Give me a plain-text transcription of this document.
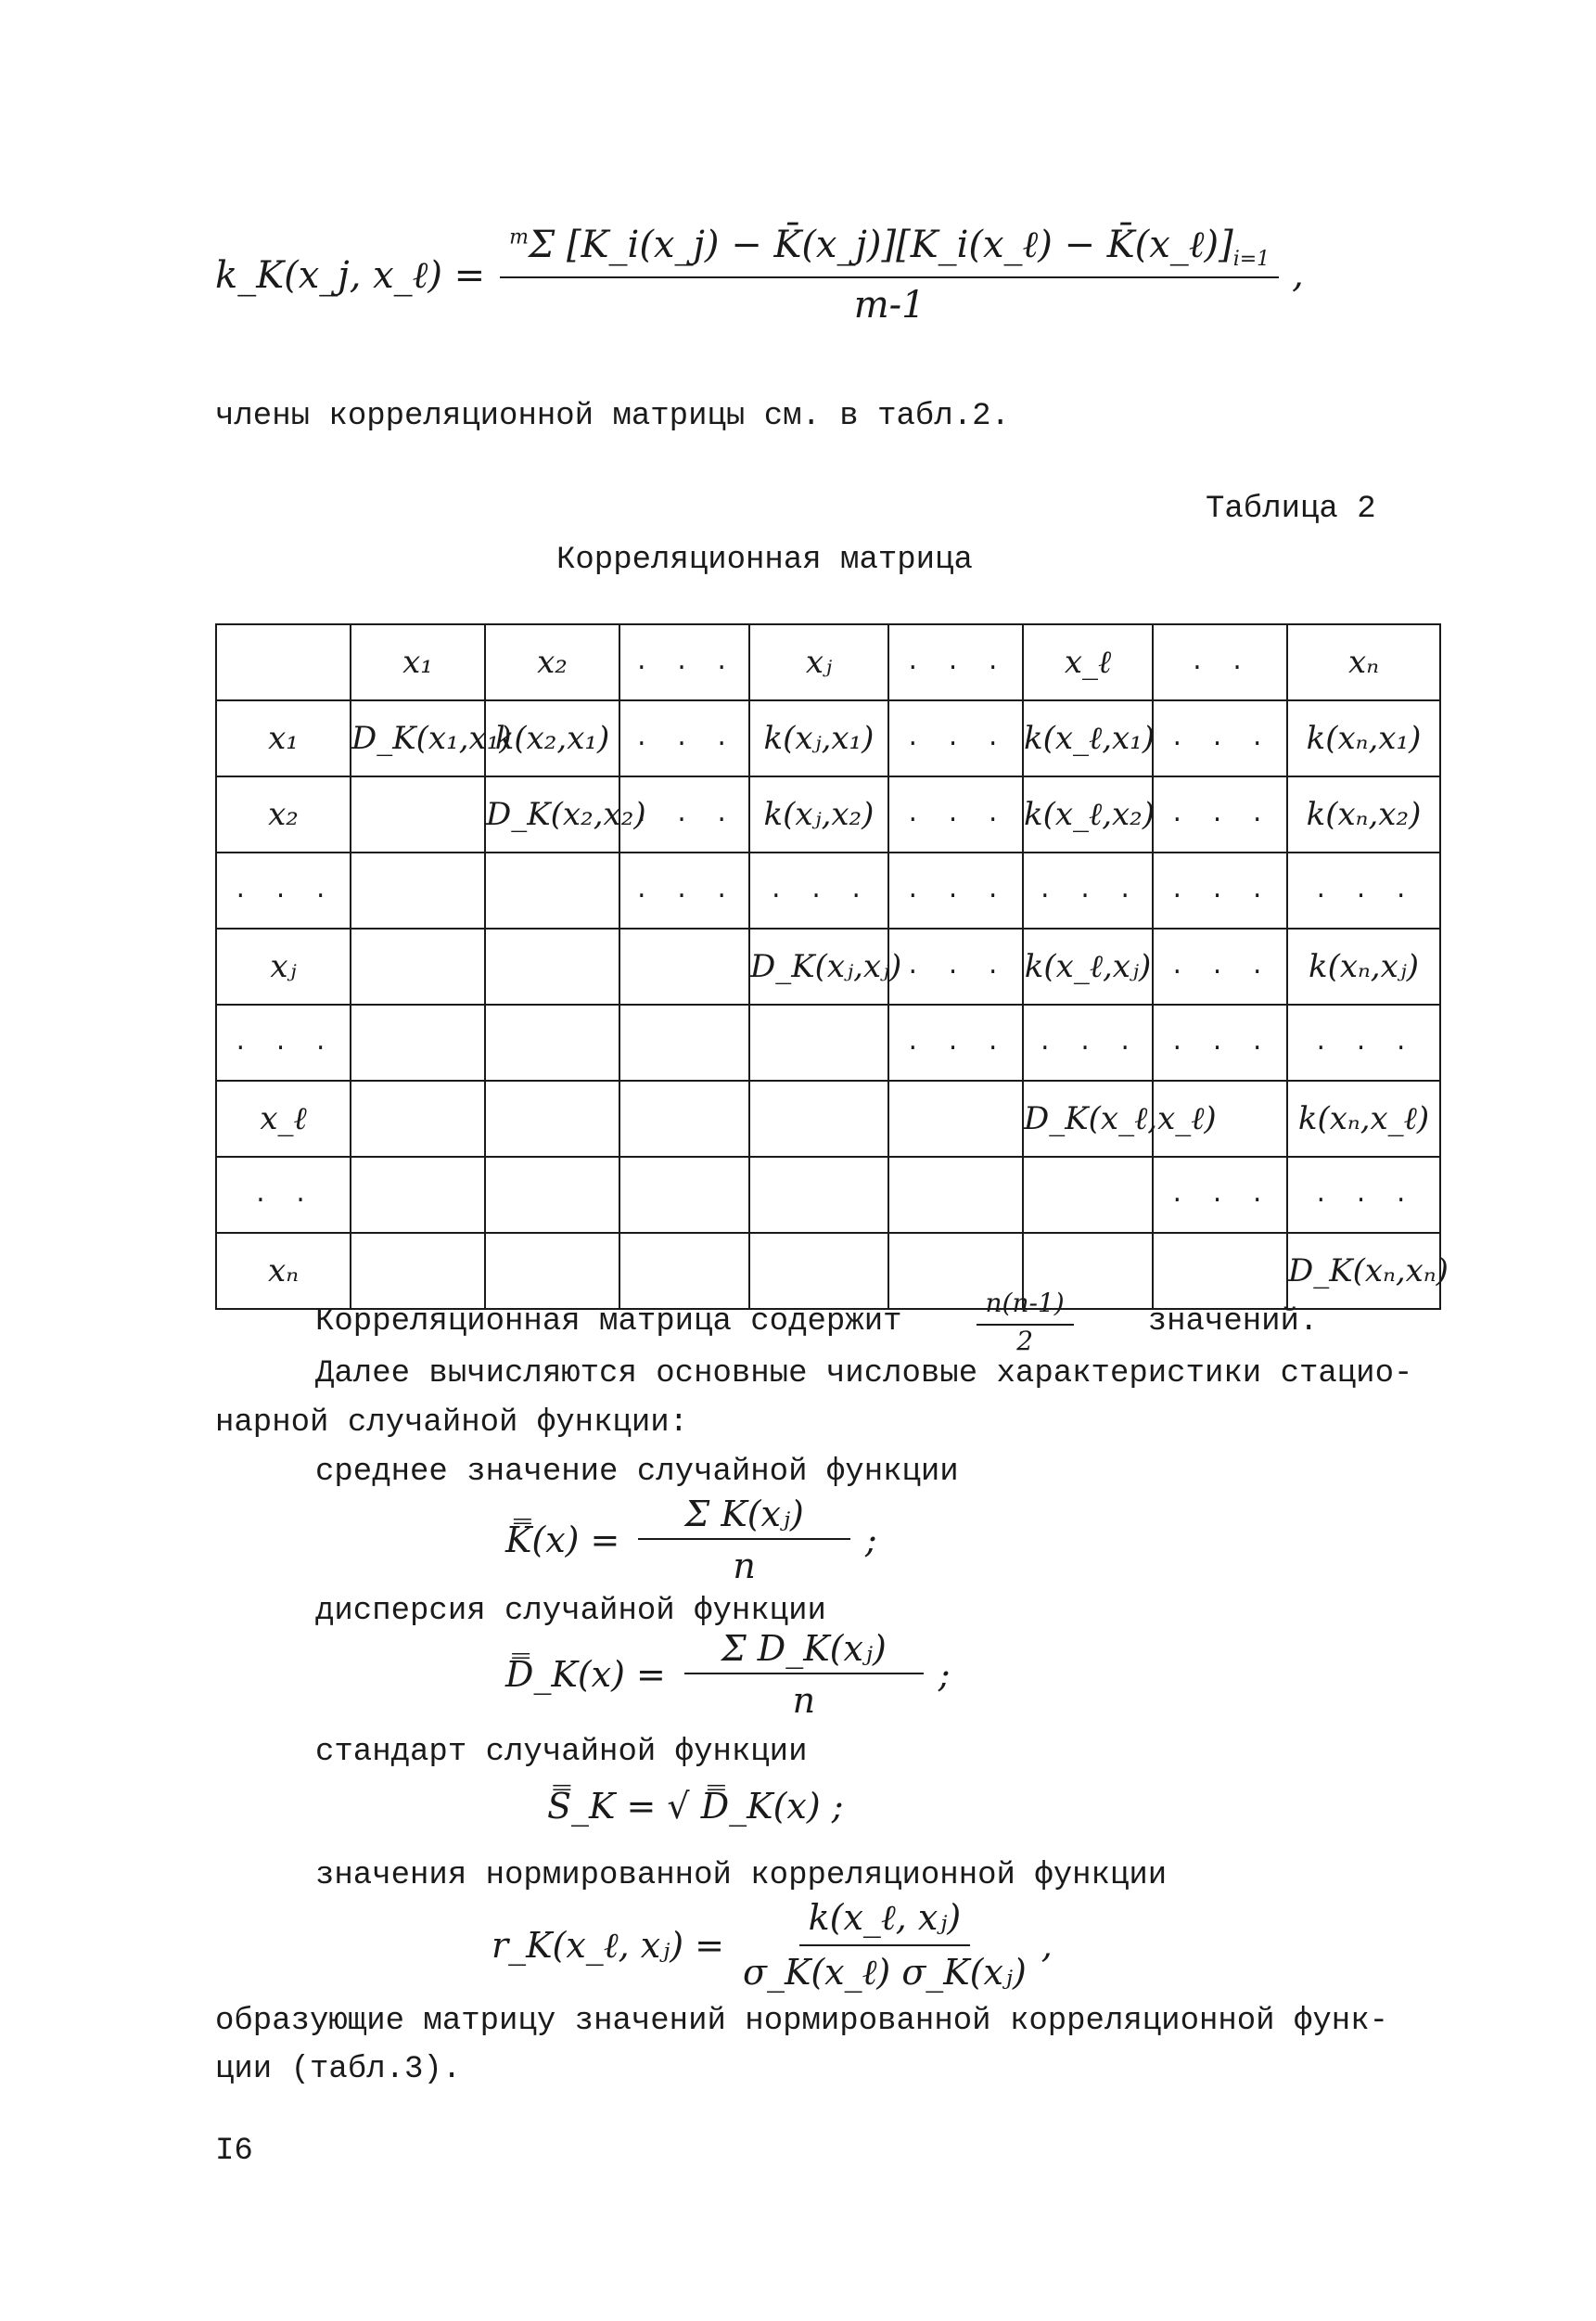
k_K(x_j, x_ℓ) = $\frac{^m\Sigma [K\_i(x\_j) - K̄(x\_j)][K\_i(x\_\ell) - K̄(x\_\ell)]_{i=1}}{m-1}$ ,
члены корреляционной матрицы см. в табл.2.
Таблица 2
Корреляционная матрица
	x₁	x₂	. . .	xⱼ	. . .	x_ℓ	. .	xₙ
x₁	D_K(x₁,x₁)	k(x₂,x₁)	. . .	k(xⱼ,x₁)	. . .	k(x_ℓ,x₁)	. . .	k(xₙ,x₁)
x₂		D_K(x₂,x₂)	. . .	k(xⱼ,x₂)	. . .	k(x_ℓ,x₂)	. . .	k(xₙ,x₂)
. . .			. . .	. . .	. . .	. . .	. . .	. . .
xⱼ				D_K(xⱼ,xⱼ)	. . .	k(x_ℓ,xⱼ)	. . .	k(xₙ,xⱼ)
. . .					. . .	. . .	. . .	. . .
x_ℓ						D_K(x_ℓ,x_ℓ)		k(xₙ,x_ℓ)
. .							. . .	. . .
xₙ								D_K(xₙ,xₙ)
Корреляционная матрица содержит	$\frac{n(n-1)}{2}$ значений.
Далее вычисляются основные числовые характеристики стацио-
нарной случайной функции:
среднее значение случайной функции
K̿(x) = $\frac{\text{Σ K(xⱼ)}}{n}$ ;
дисперсия случайной функции
D̿_K(x) = $\frac{\text{Σ D\_K(xⱼ)}}{n}$ ;
стандарт случайной функции
S̿_K = √ D̿_K(x) ;
значения нормированной корреляционной функции
r_K(x_ℓ, xⱼ) = $\frac{\text{k(x\_ℓ, xⱼ)}}{\text{σ\_K(x\_ℓ) σ\_K(xⱼ)}}$ ,
образующие матрицу значений нормированной корреляционной функ-
ции (табл.3).
I6
